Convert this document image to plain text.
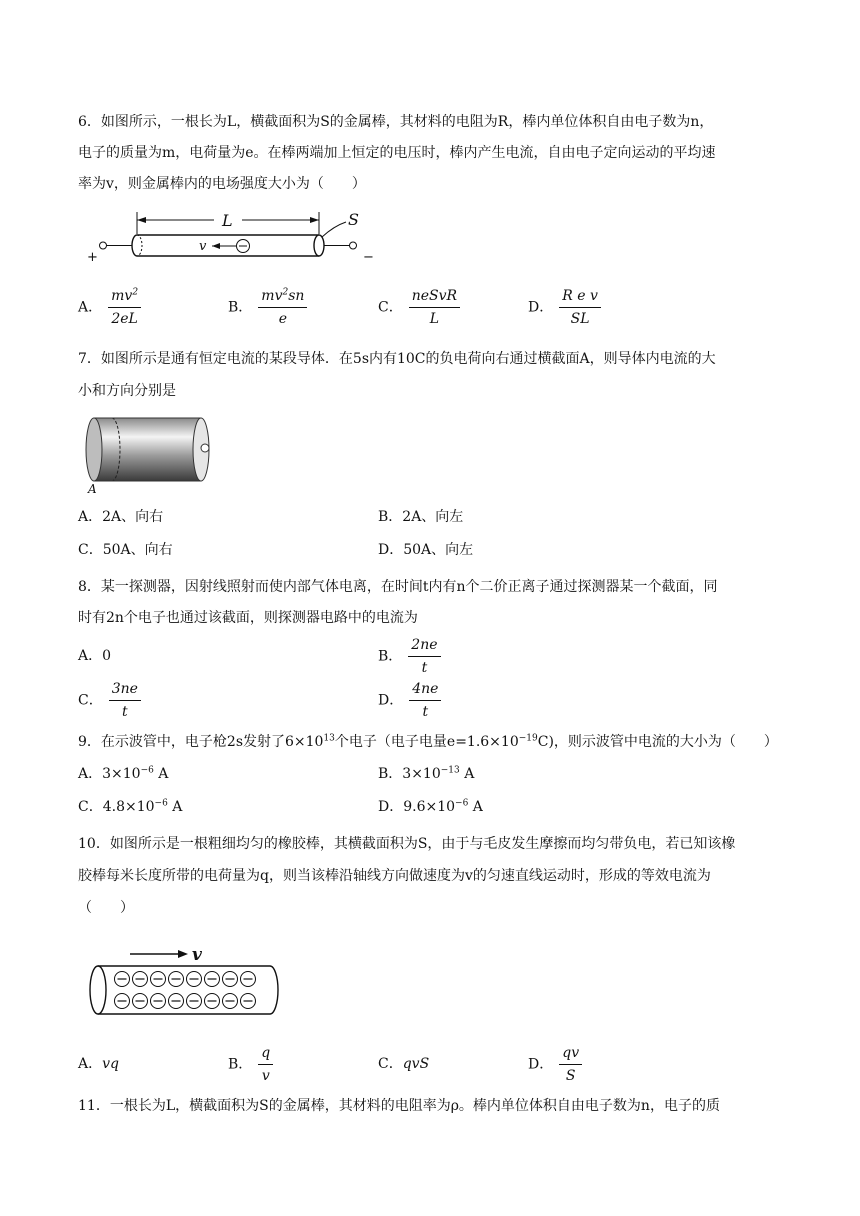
6．如图所示，一根长为L，横截面积为S的金属棒，其材料的电阻为R，棒内单位体积自由电子数为n，
电子的质量为m，电荷量为e。在棒两端加上恒定的电压时，棒内产生电流，自由电子定向运动的平均速
率为v，则金属棒内的电场强度大小为（　　）
L	S
v
+	−
A． $\frac{mv^2}{2eL}$	B． $\frac{mv^2sn}{e}$	C． $\frac{\text{neSvR}}{L}$	D． $\frac{\text{R e v}}{SL}$
7．如图所示是通有恒定电流的某段导体．在5s内有10C的负电荷向右通过横截面A，则导体内电流的大
小和方向分别是
A
A．2A、向右	B．2A、向左
C．50A、向右	D．50A、向左
8．某一探测器，因射线照射而使内部气体电离，在时间t内有n个二价正离子通过探测器某一个截面，同
时有2n个电子也通过该截面，则探测器电路中的电流为
A．0	B． $\frac{2ne}{t}$
C． $\frac{3ne}{t}$	D． $\frac{4ne}{t}$
9．在示波管中，电子枪2s发射了$6\times 10^{13}$个电子（电子电量$e=1.6\times 10^{-19}C$)，则示波管中电流的大小为（　　）
A．$3\times 10^{-6}$ A	B．$3\times 10^{-13}$ A
C．$4.8\times 10^{-6}$ A	D．$9.6\times 10^{-6}$ A
10．如图所示是一根粗细均匀的橡胶棒，其横截面积为S，由于与毛皮发生摩擦而均匀带负电，若已知该橡
胶棒每米长度所带的电荷量为q，则当该棒沿轴线方向做速度为v的匀速直线运动时，形成的等效电流为
（　　）
v
A．vq	B． $\frac{q}{v}$	C．qvS	D． $\frac{qv}{S}$
11．一根长为L，横截面积为S的金属棒，其材料的电阻率为ρ。棒内单位体积自由电子数为n，电子的质
